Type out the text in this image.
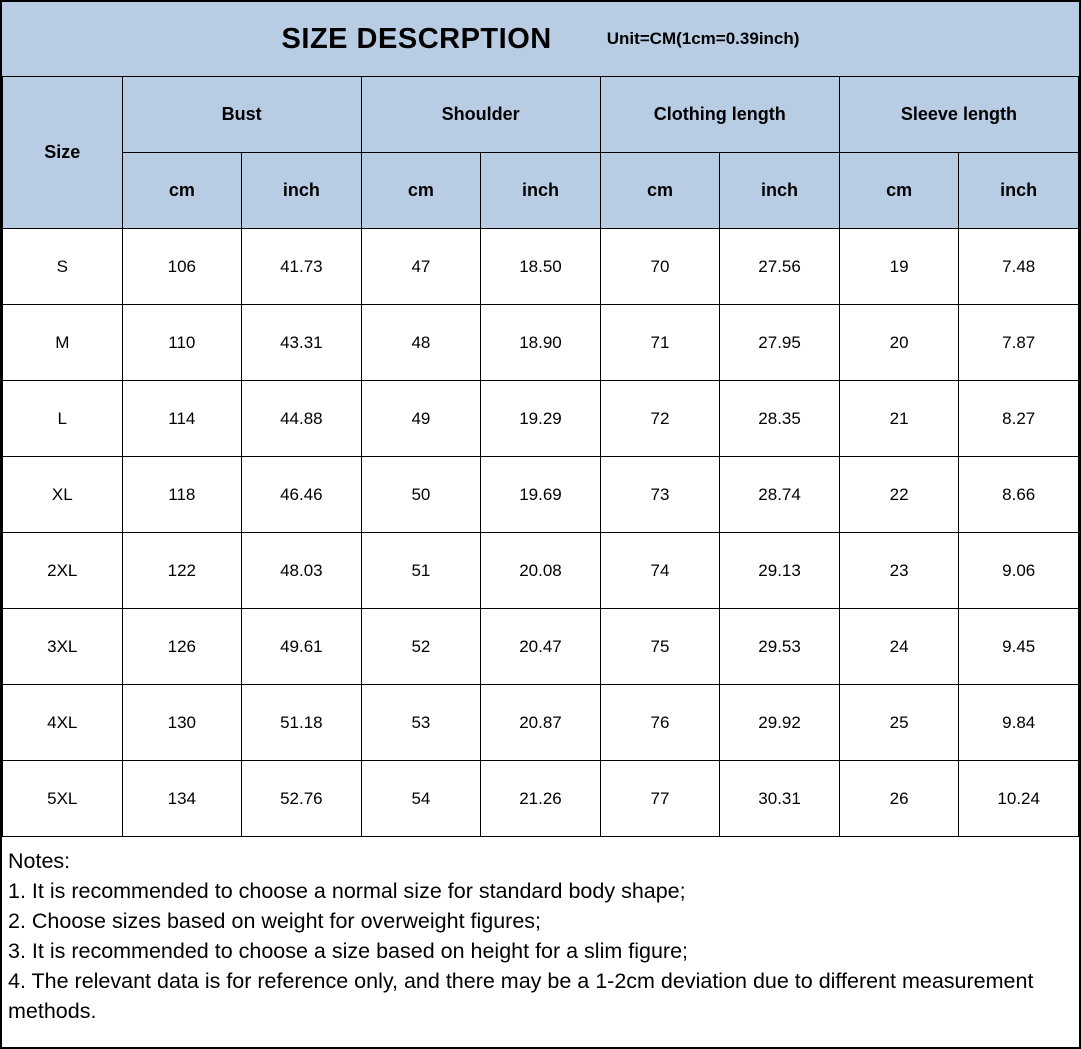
SIZE DESCRPTION	Unit=CM(1cm=0.39inch)
Size	Bust		Shoulder		Clothing length		Sleeve length	
	cm	inch	cm	inch	cm	inch	cm	inch
S	106	41.73	47	18.50	70	27.56	19	7.48
M	110	43.31	48	18.90	71	27.95	20	7.87
L	114	44.88	49	19.29	72	28.35	21	8.27
XL	118	46.46	50	19.69	73	28.74	22	8.66
2XL	122	48.03	51	20.08	74	29.13	23	9.06
3XL	126	49.61	52	20.47	75	29.53	24	9.45
4XL	130	51.18	53	20.87	76	29.92	25	9.84
5XL	134	52.76	54	21.26	77	30.31	26	10.24
Notes:
1. It is recommended to choose a normal size for standard body shape;
2. Choose sizes based on weight for overweight figures;
3. It is recommended to choose a size based on height for a slim figure;
4. The relevant data is for reference only, and there may be a 1-2cm deviation due to different measurement methods.
